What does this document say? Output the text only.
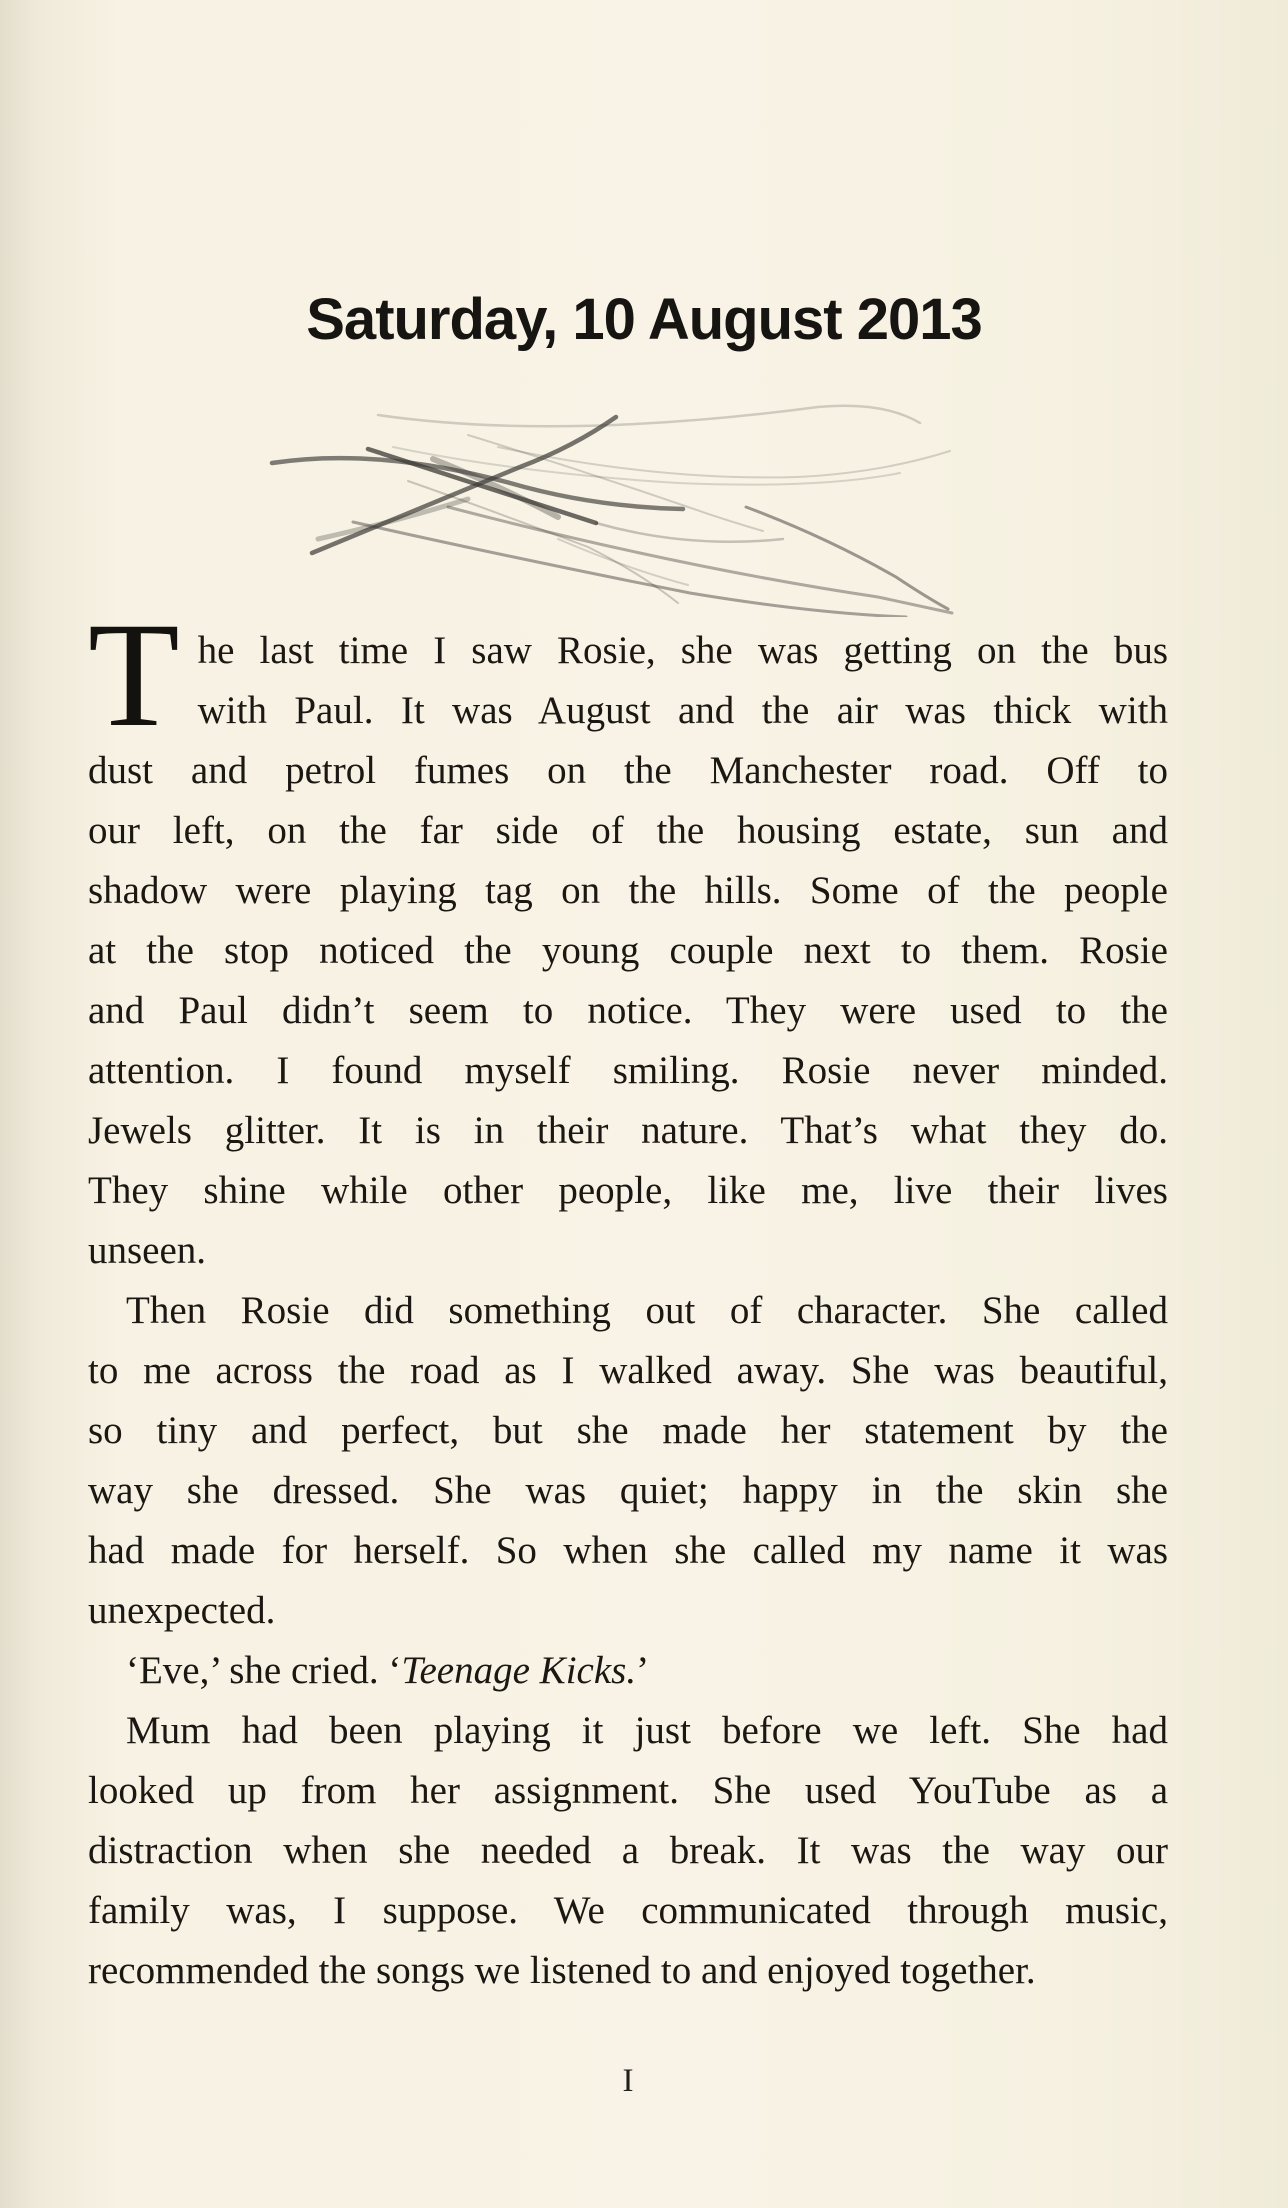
Saturday, 10 August 2013
T he last time I saw Rosie, she was getting on the bus
with Paul. It was August and the air was thick with
dust and petrol fumes on the Manchester road. Off to
our left, on the far side of the housing estate, sun and
shadow were playing tag on the hills. Some of the people
at the stop noticed the young couple next to them. Rosie
and Paul didn’t seem to notice. They were used to the
attention. I found myself smiling. Rosie never minded.
Jewels glitter. It is in their nature. That’s what they do.
They shine while other people, like me, live their lives
unseen.
Then Rosie did something out of character. She called
to me across the road as I walked away. She was beautiful,
so tiny and perfect, but she made her statement by the
way she dressed. She was quiet; happy in the skin she
had made for herself. So when she called my name it was
unexpected.
‘Eve,’ she cried. ‘Teenage Kicks.’
Mum had been playing it just before we left. She had
looked up from her assignment. She used YouTube as a
distraction when she needed a break. It was the way our
family was, I suppose. We communicated through music,
recommended the songs we listened to and enjoyed together.
I
